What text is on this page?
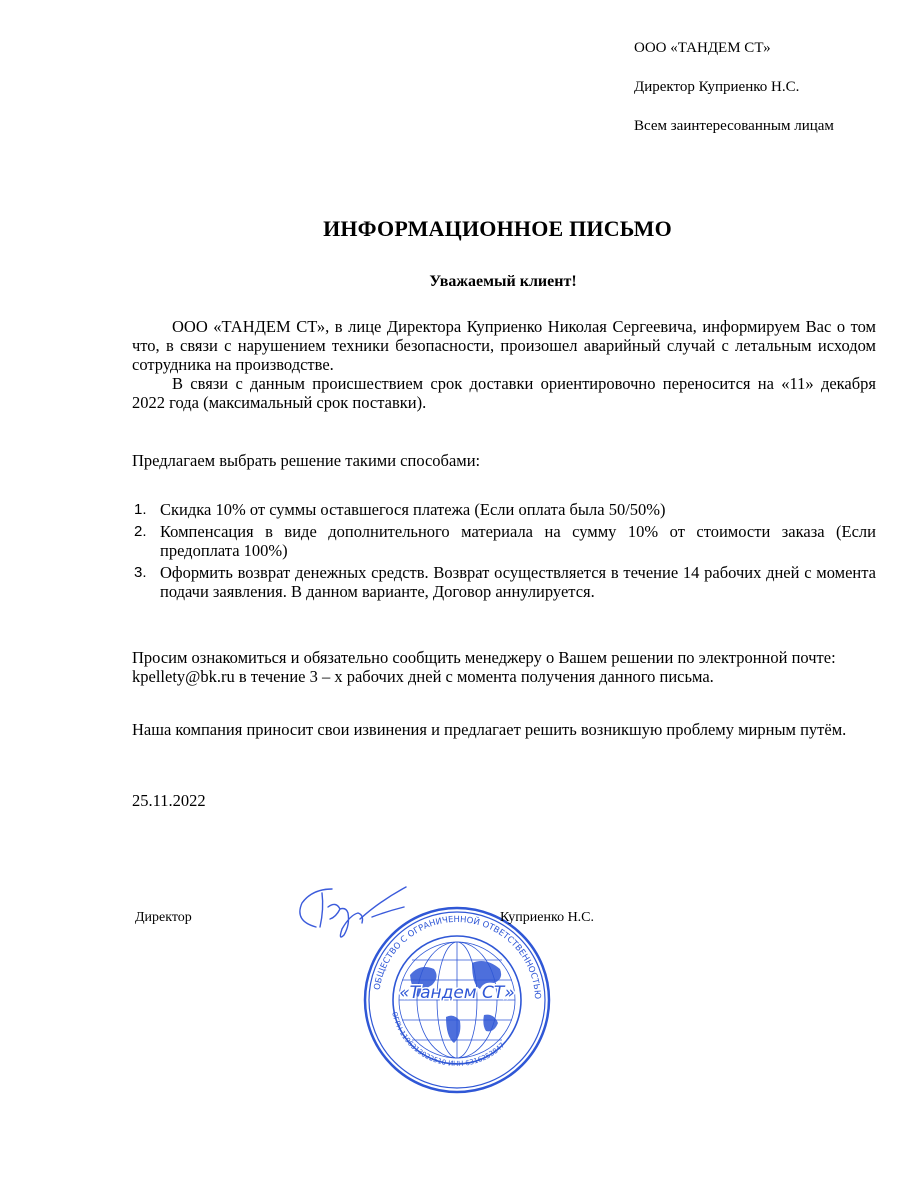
ООО «ТАНДЕМ СТ»
Директор Куприенко Н.С.
Всем заинтересованным лицам
ИНФОРМАЦИОННОЕ ПИСЬМО
Уважаемый клиент!

ООО «ТАНДЕМ СТ», в лице Директора Куприенко Николая Сергеевича, информируем Вас о том что, в связи с нарушением техники безопасности, произошел аварийный случай с летальным исходом сотрудника на производстве.

В связи с данным происшествием срок доставки ориентировочно переносится на «11» декабря 2022 года (максимальный срок поставки).

Предлагаем выбрать решение такими способами:

1. Скидка 10% от суммы оставшегося платежа (Если оплата была 50/50%)
2. Компенсация в виде дополнительного материала на сумму 10% от стоимости заказа (Если предоплата 100%)
3. Оформить возврат денежных средств. Возврат осуществляется в течение 14 рабочих дней с момента подачи заявления. В данном варианте, Договор аннулируется.

Просим ознакомиться и обязательно сообщить менеджеру о Вашем решении по электронной почте: kpellety@bk.ru в течение 3 – х рабочих дней с момента получения данного письма.

Наша компания приносит свои извинения и предлагает решить возникшую проблему мирным путём.

25.11.2022

«Тандем СТ»
ОБЩЕСТВО С ОГРАНИЧЕННОЙ ОТВЕТСТВЕННОСТЬЮ
ОГРН 1196313022510 ИНН 6316253847
Директор	Куприенко Н.С.
